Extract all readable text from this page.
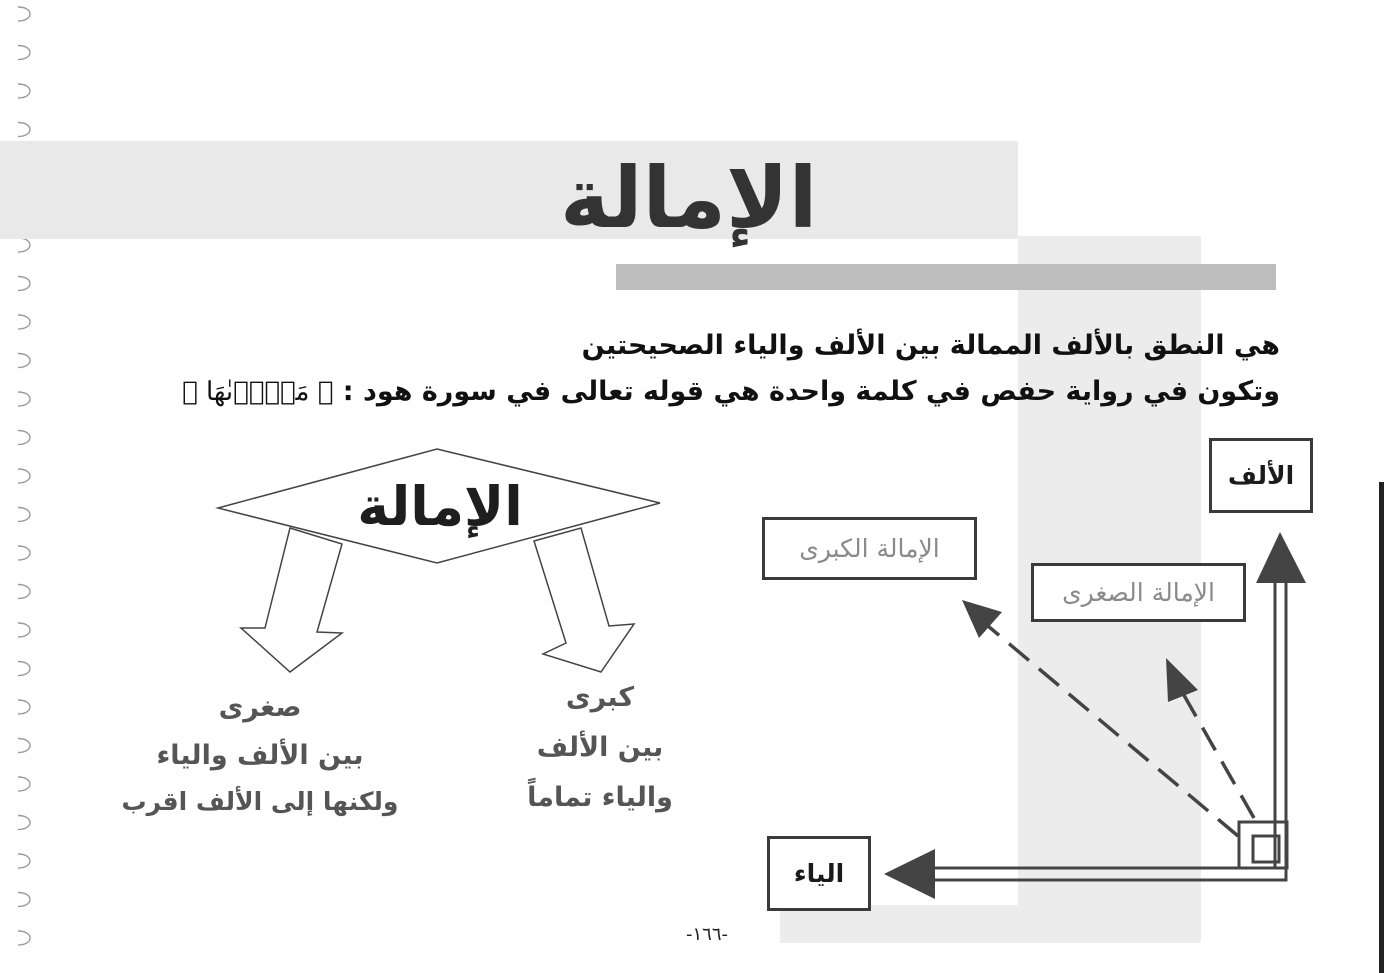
الإمالة
هي النطق بالألف الممالة بين الألف والياء الصحيحتين
وتكون في رواية حفص في كلمة واحدة هي قوله تعالى في سورة هود : ﴿ مَجۡر۪ىٰهَا ﴾
الإمالة
صغرى
بين الألف والياء
ولكنها إلى الألف اقرب
كبرى
بين الألف
والياء تماماً
الألف
الياء
الإمالة الكبرى
الإمالة الصغرى
-١٦٦-
